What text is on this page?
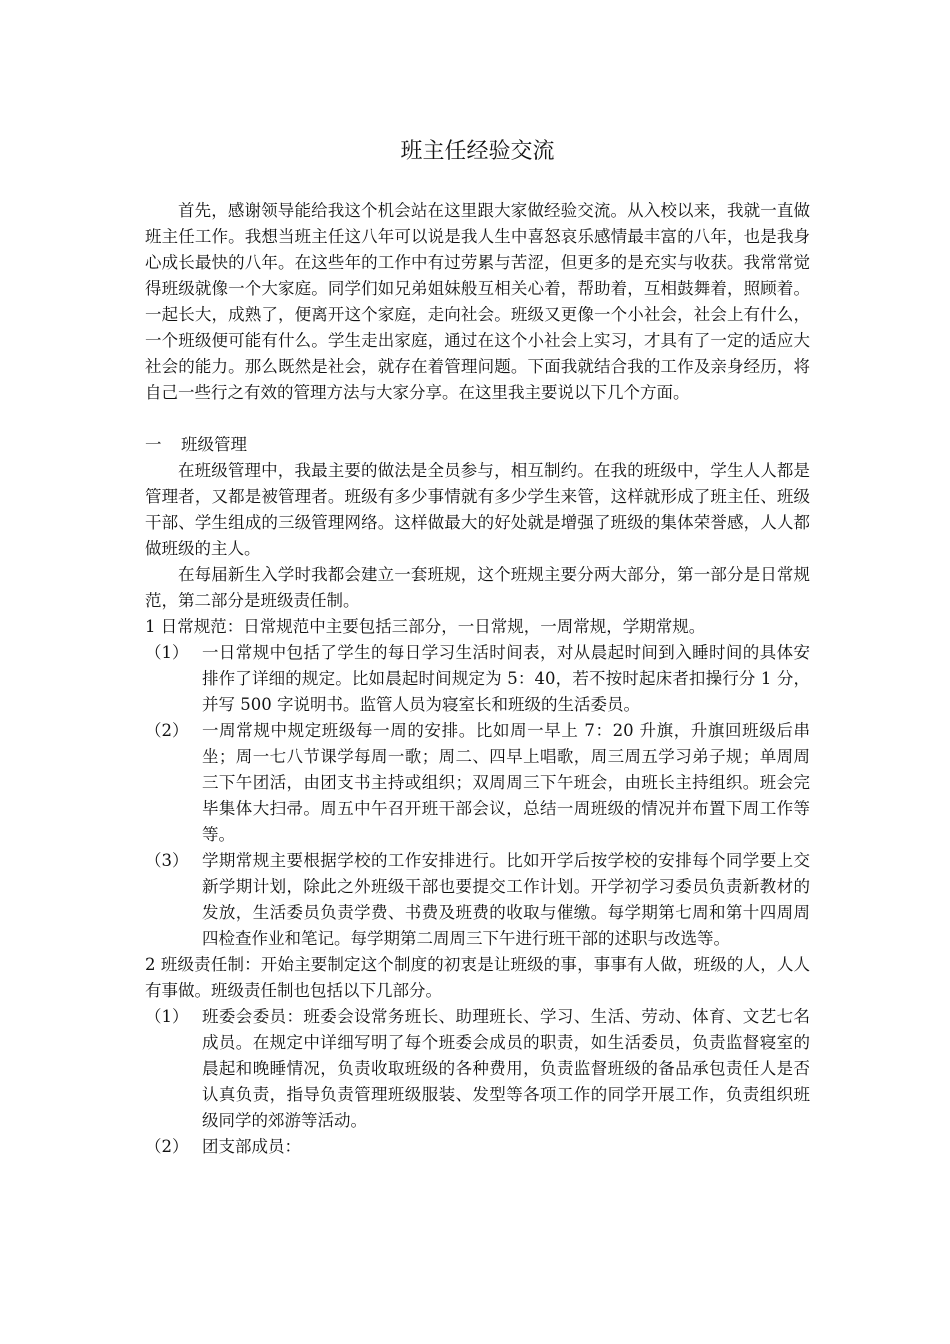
班主任经验交流

首先，感谢领导能给我这个机会站在这里跟大家做经验交流。从入校以来，我就一直做班主任工作。我想当班主任这八年可以说是我人生中喜怒哀乐感情最丰富的八年，也是我身心成长最快的八年。在这些年的工作中有过劳累与苦涩，但更多的是充实与收获。我常常觉得班级就像一个大家庭。同学们如兄弟姐妹般互相关心着，帮助着，互相鼓舞着，照顾着。一起长大，成熟了，便离开这个家庭，走向社会。班级又更像一个小社会，社会上有什么，一个班级便可能有什么。学生走出家庭，通过在这个小社会上实习，才具有了一定的适应大社会的能力。那么既然是社会，就存在着管理问题。下面我就结合我的工作及亲身经历，将自己一些行之有效的管理方法与大家分享。在这里我主要说以下几个方面。

一 班级管理

在班级管理中，我最主要的做法是全员参与，相互制约。在我的班级中，学生人人都是管理者，又都是被管理者。班级有多少事情就有多少学生来管，这样就形成了班主任、班级干部、学生组成的三级管理网络。这样做最大的好处就是增强了班级的集体荣誉感，人人都做班级的主人。

在每届新生入学时我都会建立一套班规，这个班规主要分两大部分，第一部分是日常规范，第二部分是班级责任制。

1 日常规范：日常规范中主要包括三部分，一日常规，一周常规，学期常规。

（1） 一日常规中包括了学生的每日学习生活时间表，对从晨起时间到入睡时间的具体安排作了详细的规定。比如晨起时间规定为 5：40，若不按时起床者扣操行分 1 分，并写 500 字说明书。监管人员为寝室长和班级的生活委员。
（2） 一周常规中规定班级每一周的安排。比如周一早上 7：20 升旗，升旗回班级后串坐；周一七八节课学每周一歌；周二、四早上唱歌，周三周五学习弟子规；单周周三下午团活，由团支书主持或组织；双周周三下午班会，由班长主持组织。班会完毕集体大扫帚。周五中午召开班干部会议，总结一周班级的情况并布置下周工作等等。
（3） 学期常规主要根据学校的工作安排进行。比如开学后按学校的安排每个同学要上交新学期计划，除此之外班级干部也要提交工作计划。开学初学习委员负责新教材的发放，生活委员负责学费、书费及班费的收取与催缴。每学期第七周和第十四周周四检查作业和笔记。每学期第二周周三下午进行班干部的述职与改选等。

2 班级责任制：开始主要制定这个制度的初衷是让班级的事，事事有人做，班级的人，人人有事做。班级责任制也包括以下几部分。

（1） 班委会委员：班委会设常务班长、助理班长、学习、生活、劳动、体育、文艺七名成员。在规定中详细写明了每个班委会成员的职责，如生活委员，负责监督寝室的晨起和晚睡情况，负责收取班级的各种费用，负责监督班级的备品承包责任人是否认真负责，指导负责管理班级服装、发型等各项工作的同学开展工作，负责组织班级同学的郊游等活动。
（2） 团支部成员：
